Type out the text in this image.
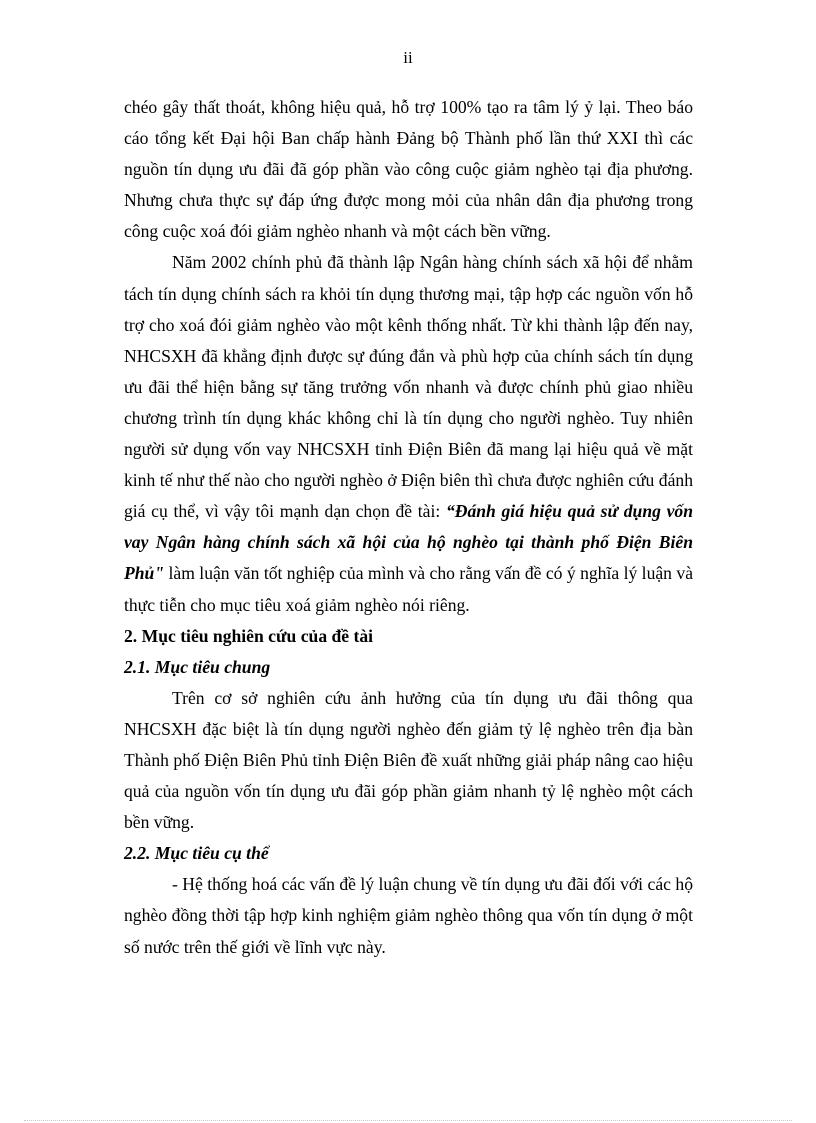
ii

chéo gây thất thoát, không hiệu quả, hỗ trợ 100% tạo ra tâm lý ỷ lại. Theo báo cáo tổng kết Đại hội Ban chấp hành Đảng bộ Thành phố lần thứ XXI thì các nguồn tín dụng ưu đãi đã góp phần vào công cuộc giảm nghèo tại địa phương. Nhưng chưa thực sự đáp ứng được mong mỏi của nhân dân địa phương trong công cuộc xoá đói giảm nghèo nhanh và một cách bền vững.

Năm 2002 chính phủ đã thành lập Ngân hàng chính sách xã hội để nhằm tách tín dụng chính sách ra khỏi tín dụng thương mại, tập hợp các nguồn vốn hỗ trợ cho xoá đói giảm nghèo vào một kênh thống nhất. Từ khi thành lập đến nay, NHCSXH đã khẳng định được sự đúng đắn và phù hợp của chính sách tín dụng ưu đãi thể hiện bằng sự tăng trưởng vốn nhanh và được chính phủ giao nhiều chương trình tín dụng khác không chỉ là tín dụng cho người nghèo. Tuy nhiên người sử dụng vốn vay NHCSXH tỉnh Điện Biên đã mang lại hiệu quả về mặt kinh tế như thế nào cho người nghèo ở Điện biên thì chưa được nghiên cứu đánh giá cụ thể, vì vậy tôi mạnh dạn chọn đề tài: “Đánh giá hiệu quả sử dụng vốn vay Ngân hàng chính sách xã hội của hộ nghèo tại thành phố Điện Biên Phủ" làm luận văn tốt nghiệp của mình và cho rằng vấn đề có ý nghĩa lý luận và thực tiễn cho mục tiêu xoá giảm nghèo nói riêng.

2. Mục tiêu nghiên cứu của đề tài

2.1. Mục tiêu chung

Trên cơ sở nghiên cứu ảnh hưởng của tín dụng ưu đãi thông qua NHCSXH đặc biệt là tín dụng người nghèo đến giảm tỷ lệ nghèo trên địa bàn Thành phố Điện Biên Phủ tỉnh Điện Biên đề xuất những giải pháp nâng cao hiệu quả của nguồn vốn tín dụng ưu đãi góp phần giảm nhanh tỷ lệ nghèo một cách bền vững.

2.2. Mục tiêu cụ thể

- Hệ thống hoá các vấn đề lý luận chung về tín dụng ưu đãi đối với các hộ nghèo đồng thời tập hợp kinh nghiệm giảm nghèo thông qua vốn tín dụng ở một số nước trên thế giới về lĩnh vực này.
